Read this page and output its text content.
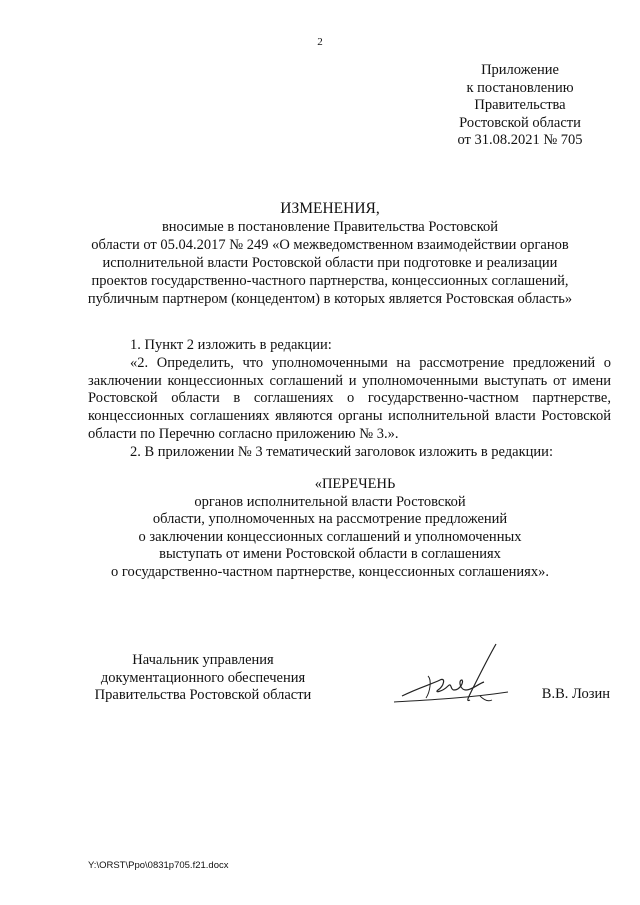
2
Приложение
к постановлению
Правительства
Ростовской области
от 31.08.2021 № 705
ИЗМЕНЕНИЯ,
вносимые в постановление Правительства Ростовской
области от 05.04.2017 № 249 «О межведомственном взаимодействии органов
исполнительной власти Ростовской области при подготовке и реализации
проектов государственно-частного партнерства, концессионных соглашений,
публичным партнером (концедентом) в которых является Ростовская область»

1. Пункт 2 изложить в редакции:

«2. Определить, что уполномоченными на рассмотрение предложений о заключении концессионных соглашений и уполномоченными выступать от имени Ростовской области в соглашениях о государственно-частном партнерстве, концессионных соглашениях являются органы исполнительной власти Ростовской области по Перечню согласно приложению № 3.».

2. В приложении № 3 тематический заголовок изложить в редакции:

«ПЕРЕЧЕНЬ
органов исполнительной власти Ростовской
области, уполномоченных на рассмотрение предложений
о заключении концессионных соглашений и уполномоченных
выступать от имени Ростовской области в соглашениях
о государственно-частном партнерстве, концессионных соглашениях».
Начальник управления
документационного обеспечения
Правительства Ростовской области	В.В. Лозин
Y:\ORST\Ppo\0831p705.f21.docx
